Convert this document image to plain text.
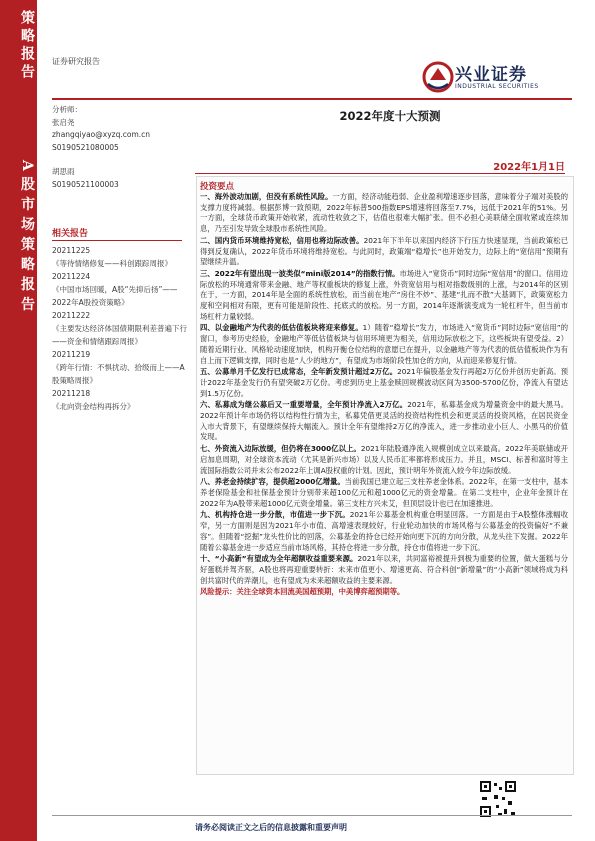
策略报告
A股市场策略报告
证券研究报告
兴业证券
INDUSTRIAL SECURITIES
分析师：
张启尧
zhangqiyao@xyzq.com.cn
S0190521080005
胡思雨
S0190521100003
2022年度十大预测
2022年1月1日
相关报告
20211225
《等待情绪修复——科创跟踪周报》
20211224
《中国市场回暖，A股“先抑后扬”——2022年A股投资策略》
20211222
《主要发达经济体国债期限利差普遍下行——资金和情绪跟踪周报》
20211219
《跨年行情：不惧扰动、拾级而上——A股策略周报》
20211218
《北向资金结构再拆分》
投资要点

一、海外波动加剧，但没有系统性风险。一方面，经济动能趋弱、企业盈利增速逐步回落，意味着分子端对美股的支撑力度将减弱。根据彭博一致预期，2022年标普500指数EPS增速将回落至7.7%，远低于2021年的51%。另一方面，全球货币政策开始收紧，流动性收敛之下，估值也很难大幅扩张。但不必担心美联储全面收紧或连续加息，乃至引发导致全球股市系统性风险。

二、国内货币环境维持宽松，信用也将边际改善。2021年下半年以来国内经济下行压力快速显现，当前政策松已得到反复确认，2022年货币环境将维持宽松。与此同时，政策端“稳增长”也开始发力，边际上的“宽信用”预期有望继续升温。

三、2022年有望出现一波类似“mini版2014”的指数行情。市场进入“宽货币”同时边际“宽信用”的窗口。信用边际放松的环境通常带来金融、地产等权重板块的修复上涨，外资宽信用与相对指数级别的上涨，与2014年的区别在于，一方面，2014年是全面的系统性放松，而当前在地产“房住不炒”、基建“扎而不散”大基调下，政策宽松力度和空间相对有限，更有可能是阶段性、托底式的放松。另一方面，2014年逐渐演变成为一轮杠杆牛，但当前市场杠杆力量较弱。

四、以金融地产为代表的低估值板块将迎来修复。1）随着“稳增长”发力，市场进入“宽货币”同时边际“宽信用”的窗口，参考历史经验，金融地产等低估值板块与信用环境更为相关，信用边际放松之下，这些板块有望受益。2）随着近期行业、风格轮动速度加快，机构开衡仓位结构的意愿已在提升，以金融地产等为代表的低估值板块作为有自上而下逻辑支撑，同时也是“人少的地方”，有望成为市场阶段性加仓的方向，从而迎来修复行情。

五、公募单月千亿发行已成常态，全年新发预计超过2万亿。2021年偏股基金发行再超2万亿份并创历史新高。预计2022年基金发行仍有望突破2万亿份。考虑到历史上基金赎回规模波动区间为3500-5700亿份，净流入有望达到1.5万亿份。

六、私募成为继公募后又一重要增量，全年预计净流入2万亿。2021年，私募基金成为增量资金中的最大黑马。2022年预计年市场仍将以结构性行情为主，私募凭借更灵活的投资结构性机会和更灵活的投资风格，在居民资金入市大背景下，有望继续保持大幅流入。预计全年有望维持2万亿的净流入，进一步推动业小巨人、小黑马的价值发现。

七、外资流入边际放缓，但仍将在3000亿以上。2021年陆股通净流入规模创成立以来最高。2022年美联储或开启加息周期，对全球资本流动（尤其是新兴市场）以及人民币汇率都将形成压力。并且，MSCI、标普和富时等主流国际指数公司并未公布2022年上调A股权重的计划。因此，预计明年外资流入较今年边际放缓。

八、养老金持续扩容，提供超2000亿增量。当前我国已建立起三支柱养老金体系。2022年，在第一支柱中，基本养老保险基金和社保基金预计分别带来超100亿元和超1000亿元的资金增量。在第二支柱中，企业年金预计在2022年为A股带来超1000亿元资金增量。第三支柱方兴未艾，但顶层设计也已在加速推进。

九、机构持仓进一步分散，市值进一步下沉。2021年公募基金机构重仓明显回落。一方面是由于A股整体涨幅收窄，另一方面则是因为2021年小市值、高增速表现较好，行业轮动加快的市场风格与公募基金的投资偏好“不兼容”。但随着“挖掘”龙头性价比的回落，公募基金的持仓已经开始向更下沉的方向分散，从龙头往下发掘。2022年随着公募基金进一步适应当前市场风格，其持仓将进一步分散，持仓市值将进一步下沉。

十、“小高新”有望成为全年超额收益重要来源。2021年以来，共同富裕被提升到极为重要的位置，做大蛋糕与分好蛋糕并驾齐驱，A股也将再迎重要转折：未来市值更小、增速更高、符合科创“新增量”的“小高新”领域将成为科创共富时代的弄潮儿，也有望成为未来超额收益的主要来源。

风险提示：关注全球资本回流美国超预期，中美博弈超预期等。

请务必阅读正文之后的信息披露和重要声明
